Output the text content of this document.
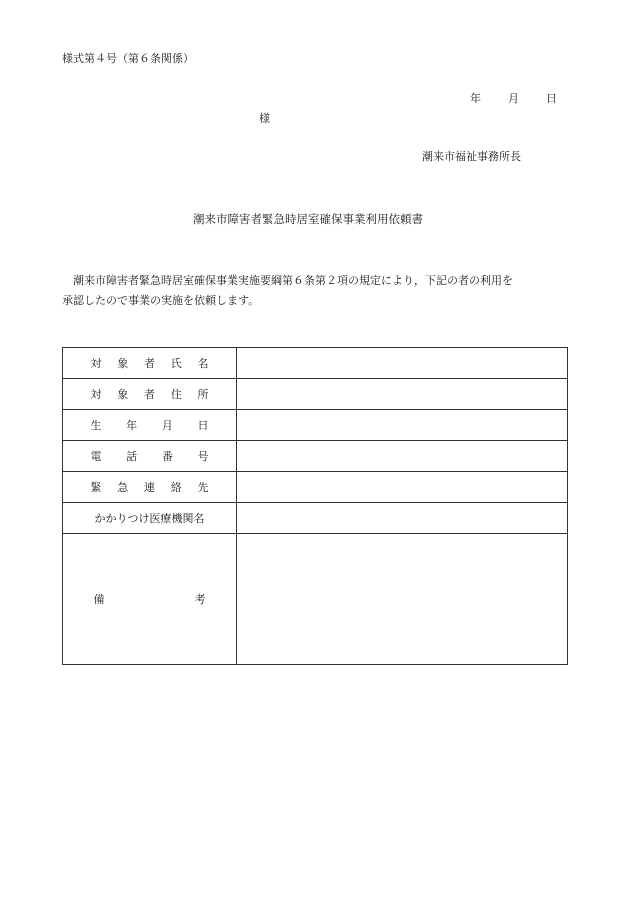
様式第４号（第６条関係）
年 月 日
様
潮来市福祉事務所長
潮来市障害者緊急時居室確保事業利用依頼書
　潮来市障害者緊急時居室確保事業実施要綱第６条第２項の規定により，下記の者の利用を
承認したので事業の実施を依頼します。
対 象 者 氏 名	

対 象 者 住 所	

生 年 月 日	

電 話 番 号	

緊 急 連 絡 先	

かかりつけ医療機関名	

備 考	
